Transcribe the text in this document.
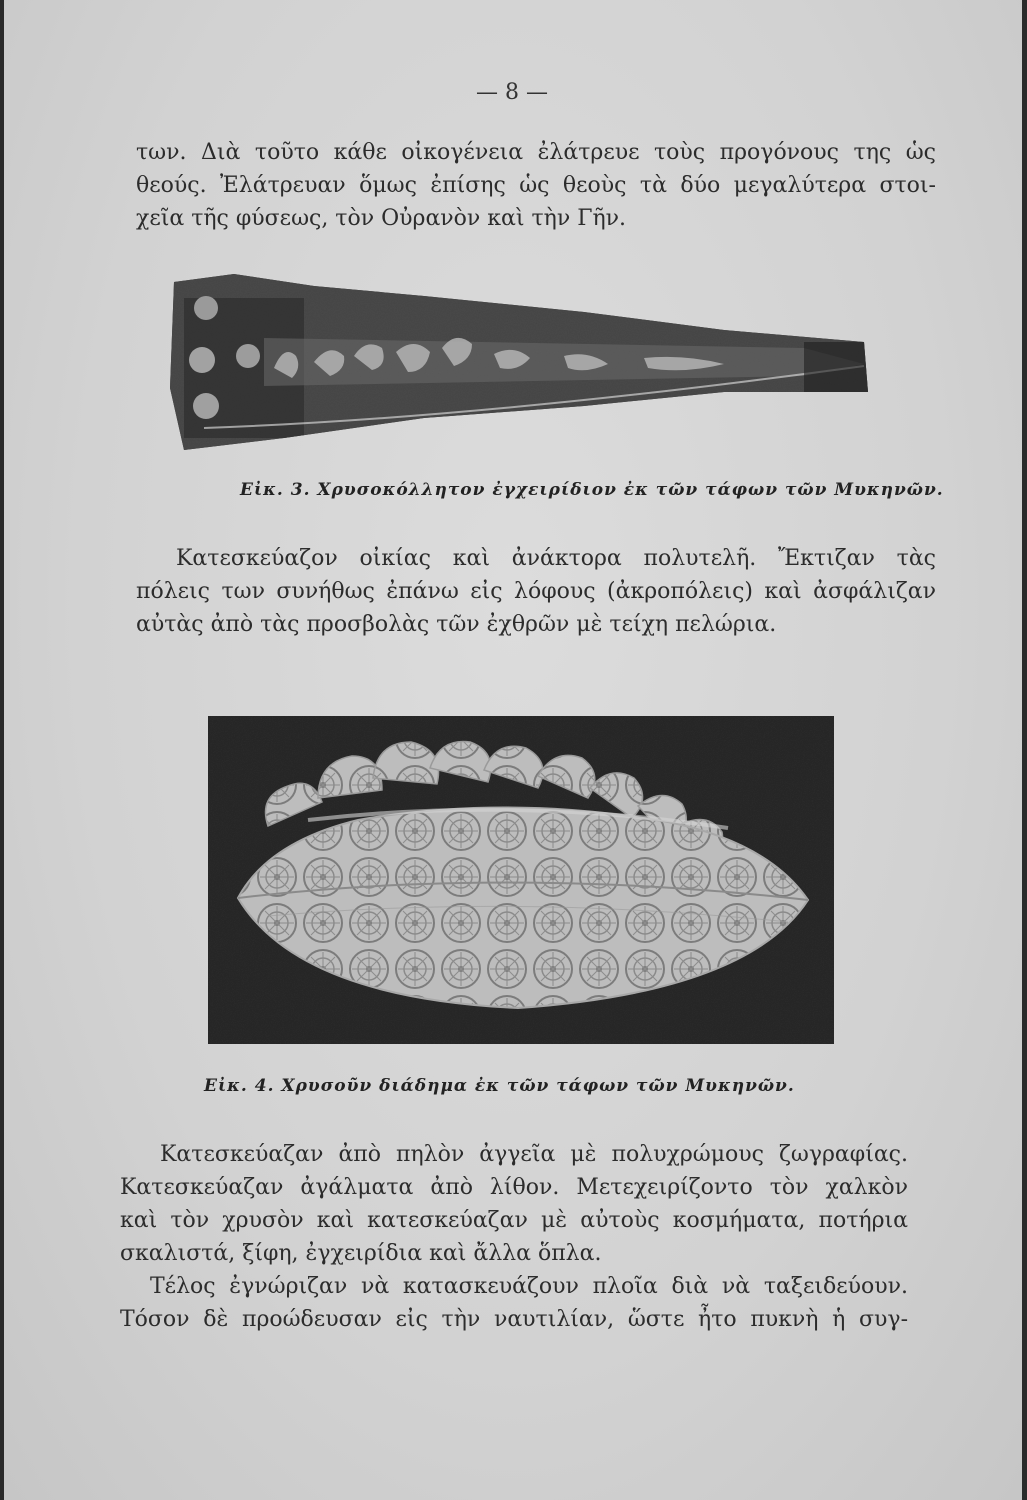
— 8 —
των. Διὰ τοῦτο κάθε οἰκογένεια ἐλάτρευε τοὺς προγόνους της ὡς
θεούς. Ἐλάτρευαν ὅμως ἐπίσης ὡς θεοὺς τὰ δύο μεγαλύτερα στοι-
χεῖα τῆς φύσεως, τὸν Οὐρανὸν καὶ τὴν Γῆν.
Εἰκ. 3. Χρυσοκόλλητον ἐγχειρίδιον ἐκ τῶν τάφων τῶν Μυκηνῶν.
Κατεσκεύαζον οἰκίας καὶ ἀνάκτορα πολυτελῆ. Ἔκτιζαν τὰς
πόλεις των συνήθως ἐπάνω εἰς λόφους (ἀκροπόλεις) καὶ ἀσφάλιζαν
αὐτὰς ἀπὸ τὰς προσβολὰς τῶν ἐχθρῶν μὲ τείχη πελώρια.
Εἰκ. 4. Χρυσοῦν διάδημα ἐκ τῶν τάφων τῶν Μυκηνῶν.
Κατεσκεύαζαν ἀπὸ πηλὸν ἀγγεῖα μὲ πολυχρώμους ζωγραφίας.
Κατεσκεύαζαν ἀγάλματα ἀπὸ λίθον. Μετεχειρίζοντο τὸν χαλκὸν
καὶ τὸν χρυσὸν καὶ κατεσκεύαζαν μὲ αὐτοὺς κοσμήματα, ποτήρια
σκαλιστά, ξίφη, ἐγχειρίδια καὶ ἄλλα ὅπλα.
Τέλος ἐγνώριζαν νὰ κατασκευάζουν πλοῖα διὰ νὰ ταξειδεύουν.
Τόσον δὲ προώδευσαν εἰς τὴν ναυτιλίαν, ὥστε ἦτο πυκνὴ ἡ συγ-
